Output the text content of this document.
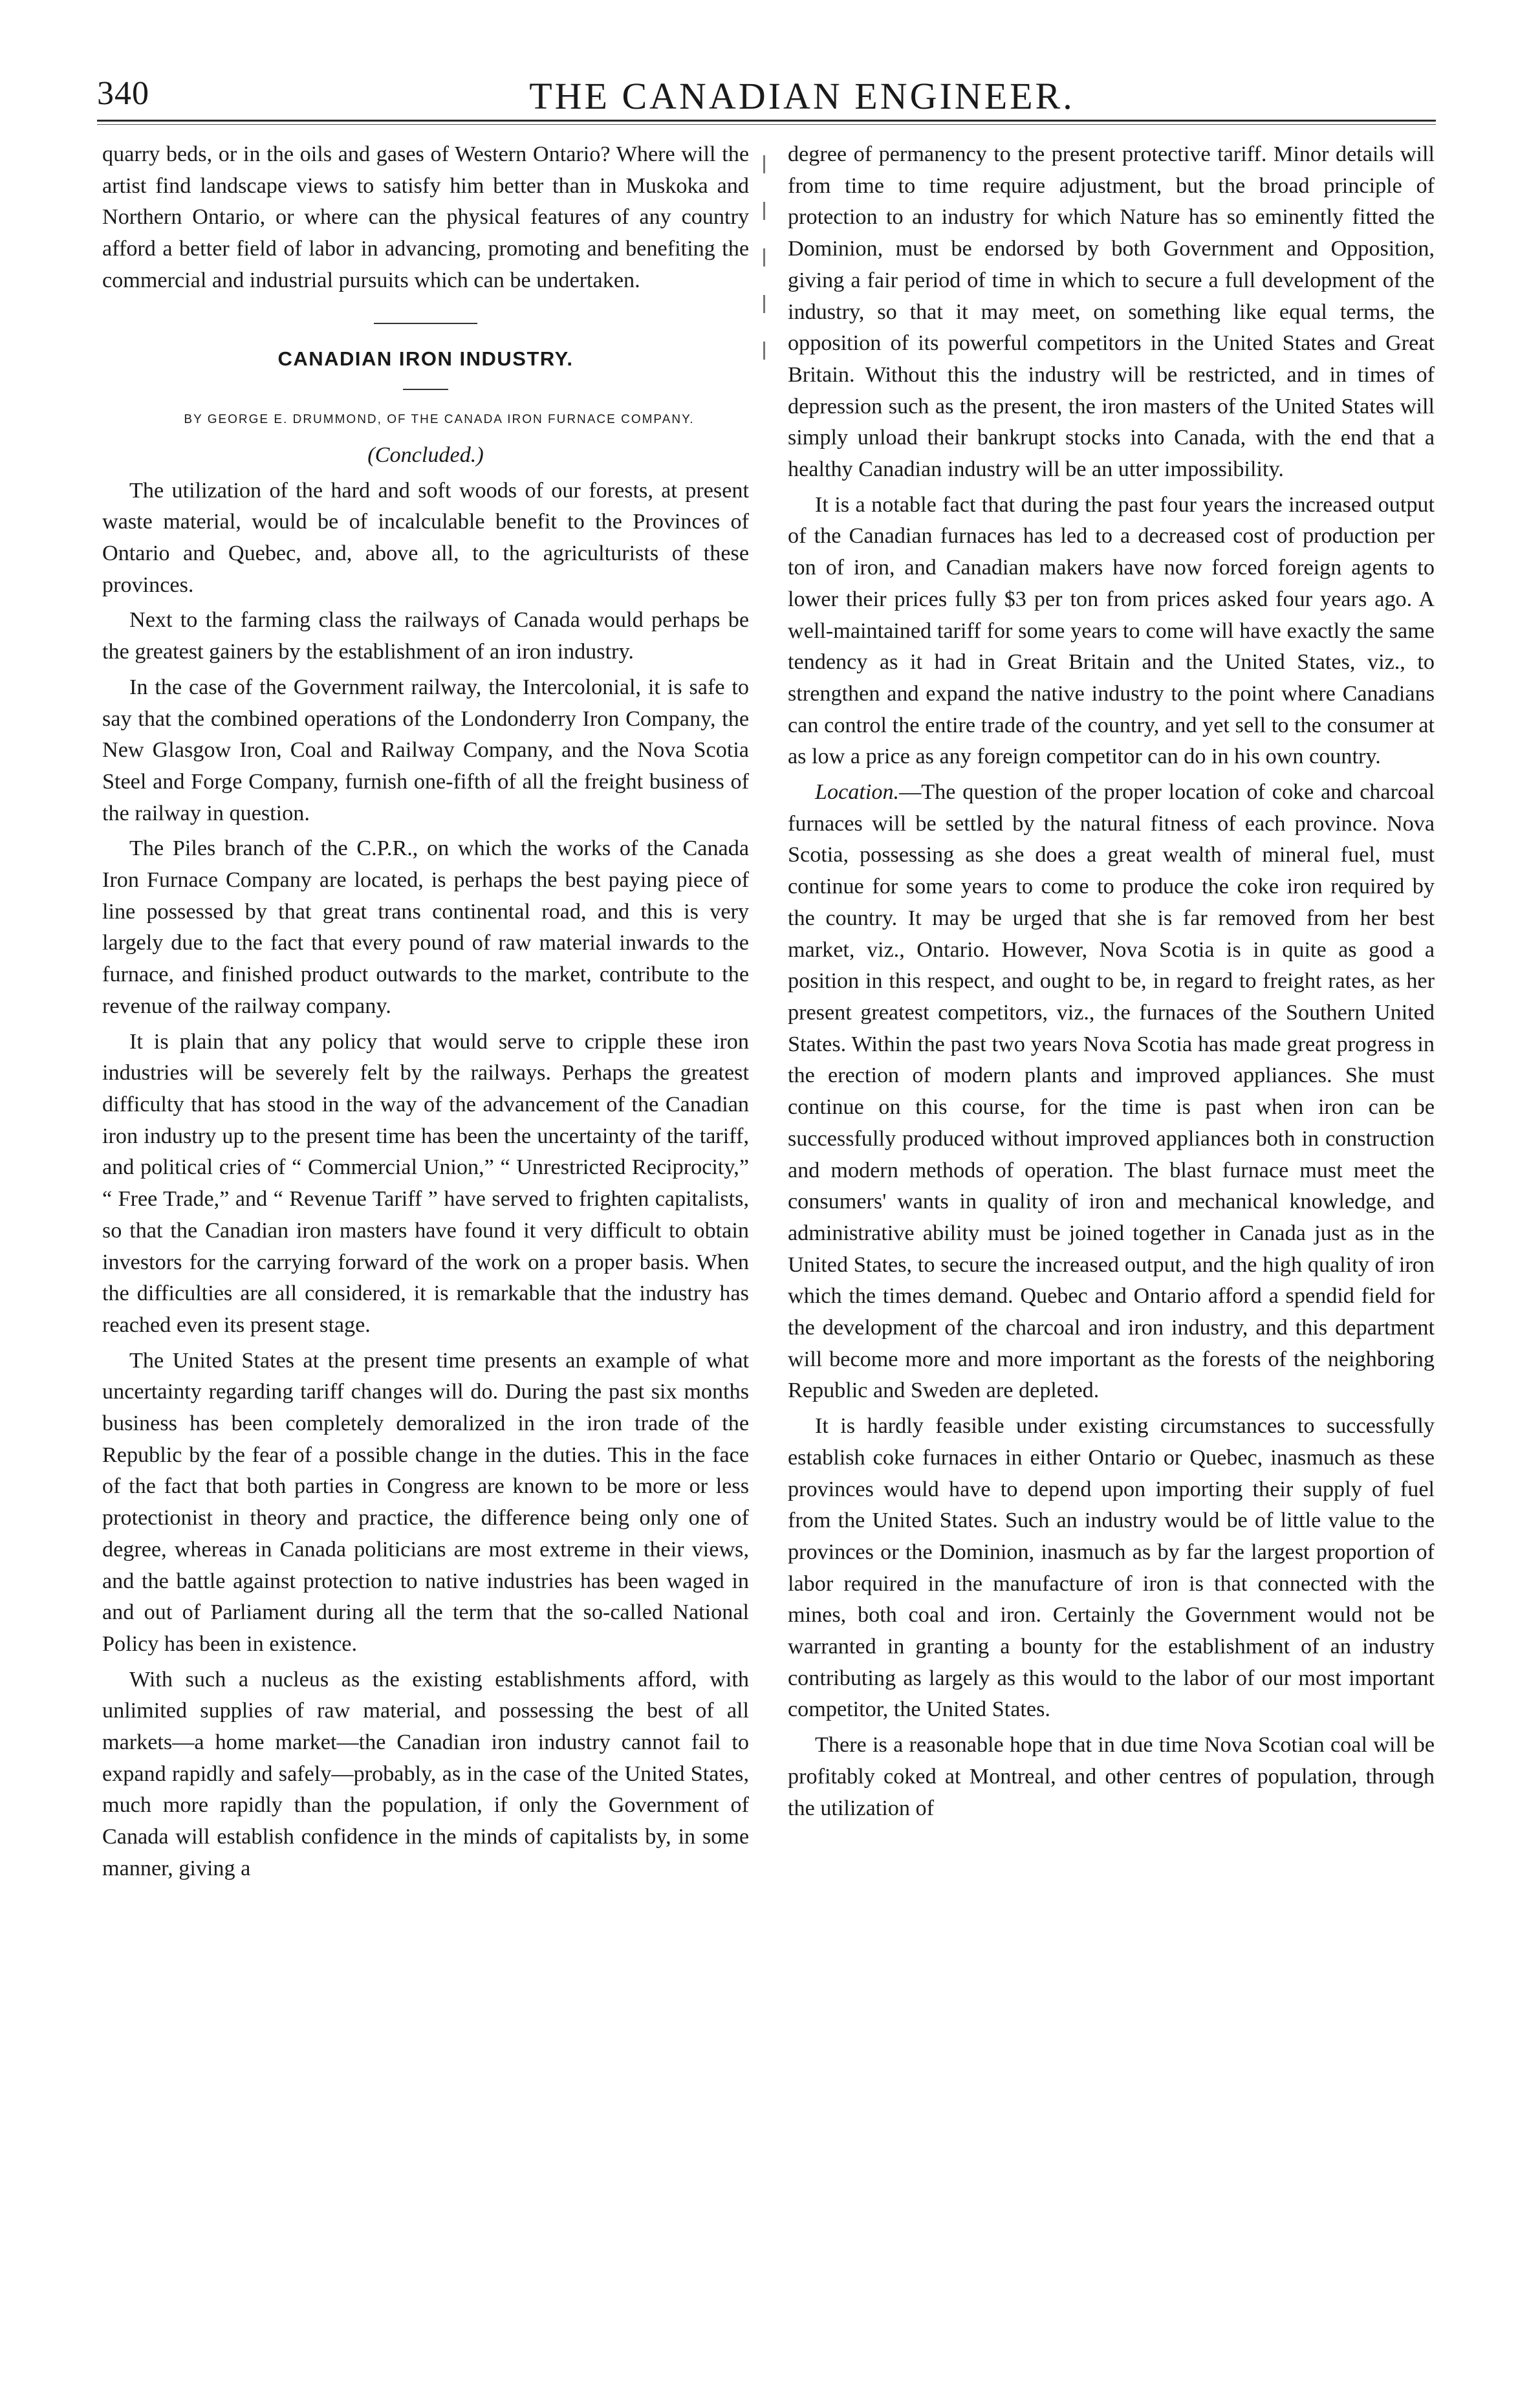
340	THE CANADIAN ENGINEER.

quarry beds, or in the oils and gases of Western Ontario? Where will the artist find landscape views to satisfy him better than in Muskoka and Northern Ontario, or where can the physical features of any country afford a better field of labor in advancing, promoting and benefiting the commercial and industrial pursuits which can be undertaken.

CANADIAN IRON INDUSTRY.

BY GEORGE E. DRUMMOND, OF THE CANADA IRON FURNACE COMPANY.

(Concluded.)

The utilization of the hard and soft woods of our forests, at present waste material, would be of incalculable benefit to the Provinces of Ontario and Quebec, and, above all, to the agriculturists of these provinces.

Next to the farming class the railways of Canada would perhaps be the greatest gainers by the establishment of an iron industry.

In the case of the Government railway, the Intercolonial, it is safe to say that the combined operations of the Londonderry Iron Company, the New Glasgow Iron, Coal and Railway Company, and the Nova Scotia Steel and Forge Company, furnish one-fifth of all the freight business of the railway in question.

The Piles branch of the C.P.R., on which the works of the Canada Iron Furnace Company are located, is perhaps the best paying piece of line possessed by that great trans continental road, and this is very largely due to the fact that every pound of raw material inwards to the furnace, and finished product outwards to the market, contribute to the revenue of the railway company.

It is plain that any policy that would serve to cripple these iron industries will be severely felt by the railways. Perhaps the greatest difficulty that has stood in the way of the advancement of the Canadian iron industry up to the present time has been the uncertainty of the tariff, and political cries of “ Commercial Union,” “ Unrestricted Reciprocity,” “ Free Trade,” and “ Revenue Tariff ” have served to frighten capitalists, so that the Canadian iron masters have found it very difficult to obtain investors for the carrying forward of the work on a proper basis. When the difficulties are all considered, it is remarkable that the industry has reached even its present stage.

The United States at the present time presents an example of what uncertainty regarding tariff changes will do. During the past six months business has been completely demoralized in the iron trade of the Republic by the fear of a possible change in the duties. This in the face of the fact that both parties in Congress are known to be more or less protectionist in theory and practice, the difference being only one of degree, whereas in Canada politicians are most extreme in their views, and the battle against protection to native industries has been waged in and out of Parliament during all the term that the so-called National Policy has been in existence.

With such a nucleus as the existing establishments afford, with unlimited supplies of raw material, and possessing the best of all markets—a home market—the Canadian iron industry cannot fail to expand rapidly and safely—probably, as in the case of the United States, much more rapidly than the population, if only the Government of Canada will establish confidence in the minds of capitalists by, in some manner, giving a

degree of permanency to the present protective tariff. Minor details will from time to time require adjustment, but the broad principle of protection to an industry for which Nature has so eminently fitted the Dominion, must be endorsed by both Government and Opposition, giving a fair period of time in which to secure a full development of the industry, so that it may meet, on something like equal terms, the opposition of its powerful competitors in the United States and Great Britain. Without this the industry will be restricted, and in times of depression such as the present, the iron masters of the United States will simply unload their bankrupt stocks into Canada, with the end that a healthy Canadian industry will be an utter impossibility.

It is a notable fact that during the past four years the increased output of the Canadian furnaces has led to a decreased cost of production per ton of iron, and Canadian makers have now forced foreign agents to lower their prices fully $3 per ton from prices asked four years ago. A well-maintained tariff for some years to come will have exactly the same tendency as it had in Great Britain and the United States, viz., to strengthen and expand the native industry to the point where Canadians can control the entire trade of the country, and yet sell to the consumer at as low a price as any foreign competitor can do in his own country.

Location.—The question of the proper location of coke and charcoal furnaces will be settled by the natural fitness of each province. Nova Scotia, possessing as she does a great wealth of mineral fuel, must continue for some years to come to produce the coke iron required by the country. It may be urged that she is far removed from her best market, viz., Ontario. However, Nova Scotia is in quite as good a position in this respect, and ought to be, in regard to freight rates, as her present greatest competitors, viz., the furnaces of the Southern United States. Within the past two years Nova Scotia has made great progress in the erection of modern plants and improved appliances. She must continue on this course, for the time is past when iron can be successfully produced without improved appliances both in construction and modern methods of operation. The blast furnace must meet the consumers' wants in quality of iron and mechanical knowledge, and administrative ability must be joined together in Canada just as in the United States, to secure the increased output, and the high quality of iron which the times demand. Quebec and Ontario afford a spendid field for the development of the charcoal and iron industry, and this department will become more and more important as the forests of the neighboring Republic and Sweden are depleted.

It is hardly feasible under existing circumstances to successfully establish coke furnaces in either Ontario or Quebec, inasmuch as these provinces would have to depend upon importing their supply of fuel from the United States. Such an industry would be of little value to the provinces or the Dominion, inasmuch as by far the largest proportion of labor required in the manufacture of iron is that connected with the mines, both coal and iron. Certainly the Government would not be warranted in granting a bounty for the establishment of an industry contributing as largely as this would to the labor of our most important competitor, the United States.

There is a reasonable hope that in due time Nova Scotian coal will be profitably coked at Montreal, and other centres of population, through the utilization of
